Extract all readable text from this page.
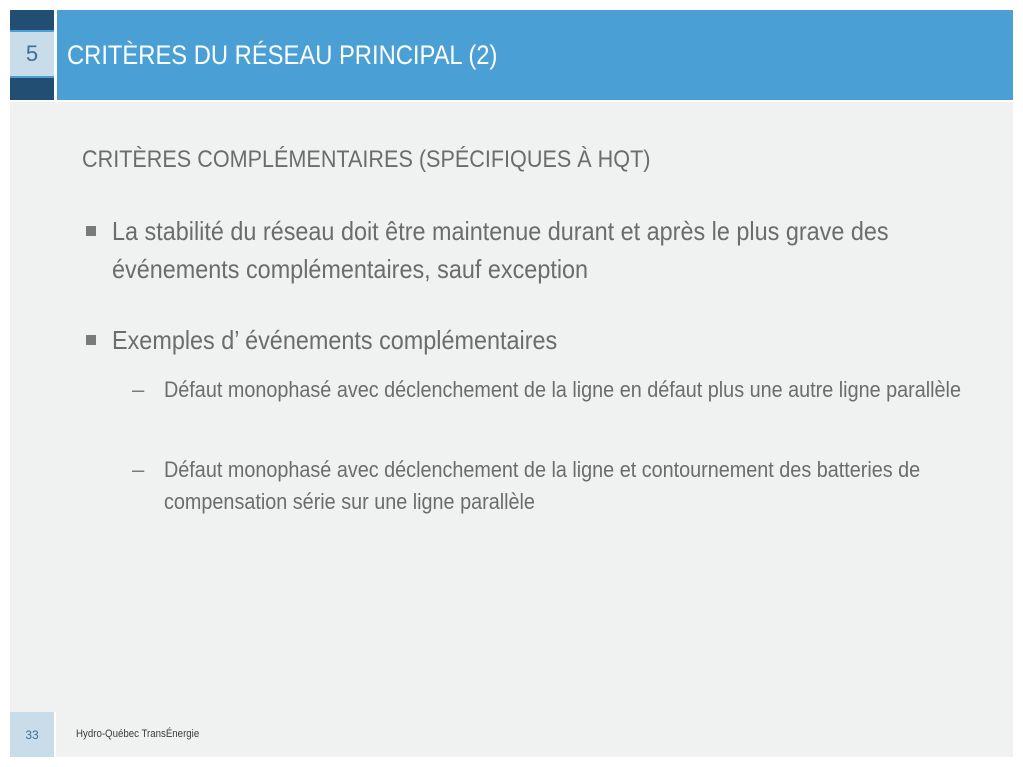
5	CRITÈRES DU RÉSEAU PRINCIPAL (2)
CRITÈRES COMPLÉMENTAIRES (SPÉCIFIQUES À HQT)
La stabilité du réseau doit être maintenue durant et après le plus grave des événements complémentaires, sauf exception
Exemples d’ événements complémentaires
– Défaut monophasé avec déclenchement de la ligne en défaut plus une autre ligne parallèle
– Défaut monophasé avec déclenchement de la ligne et contournement des batteries de compensation série sur une ligne parallèle
33	Hydro-Québec TransÉnergie
